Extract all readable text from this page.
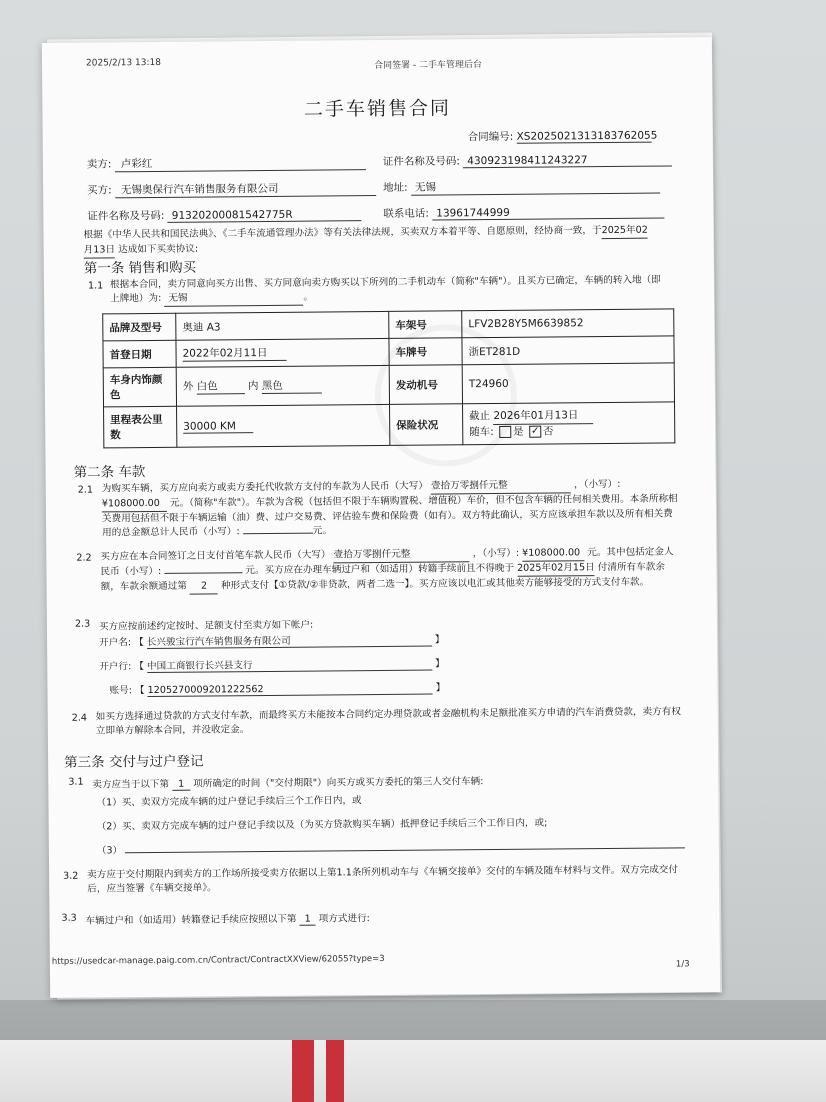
2025/2/13 13:18	合同签署 - 二手车管理后台
二手车销售合同
合同编号: XS2025021313183762055
卖方: 卢彩红	证件名称及号码: 430923198411243227
买方: 无锡奥保行汽车销售服务有限公司	地址: 无锡
证件名称及号码: 91320200081542775R	联系电话: 13961744999
根据《中华人民共和国民法典》、《二手车流通管理办法》等有关法律法规，买卖双方本着平等、自愿原则，经协商一致，于2025年02
月13日 达成如下买卖协议:
第一条 销售和购买
1.1 根据本合同，卖方同意向买方出售、买方同意向卖方购买以下所列的二手机动车（简称"车辆"）。且买方已确定，车辆的转入地（即上牌地）为: 无锡	。
品牌及型号	奥迪 A3	车架号	LFV2B28Y5M6639852
首登日期	2022年02月11日	车牌号	浙ET281D
车身内饰颜色	外 白色 内 黑色	发动机号	T24960
里程表公里数	30000 KM	保险状况	截止 2026年01月13日
随车: 是 ✓ 否
第二条 车款
2.1 为购买车辆，买方应向卖方或卖方委托代收款方支付的车款为人民币（大写） 壹拾万零捌仟元整	，（小写）: ¥108000.00 元。（简称"车款"）。车款为含税（包括但不限于车辆购置税、增值税）车价，但不包含车辆的任何相关费用。本条所称相关费用包括但不限于车辆运输（油）费、过户交易费、评估验车费和保险费（如有）。双方特此确认，买方应该承担车款以及所有相关费用的总金额总计人民币（小写）:	元。
2.2 买方应在本合同签订之日支付首笔车款人民币（大写） 壹拾万零捌仟元整	，（小写）: ¥108000.00 元。其中包括定金人民币（小写）:	元。买方应在办理车辆过户和（如适用）转籍手续前且不得晚于 2025年02月15日 付清所有车款余额，车款余额通过第 2 种形式支付【①贷款/②非贷款，两者二选一】。买方应该以电汇或其他卖方能够接受的方式支付车款。
2.3 买方应按前述约定按时、足额支付至卖方如下帐户:
开户名: 【 长兴骏宝行汽车销售服务有限公司	】
开户行: 【 中国工商银行长兴县支行	】
账号: 【 1205270009201222562	】
2.4 如买方选择通过贷款的方式支付车款，而最终买方未能按本合同约定办理贷款或者金融机构未足额批准买方申请的汽车消费贷款，卖方有权立即单方解除本合同，并没收定金。
第三条 交付与过户登记
3.1 卖方应当于以下第 1 项所确定的时间（"交付期限"）向买方或买方委托的第三人交付车辆:
（1）买、卖双方完成车辆的过户登记手续后三个工作日内，或
（2）买、卖双方完成车辆的过户登记手续以及（为买方贷款购买车辆）抵押登记手续后三个工作日内，或;
（3）
3.2 卖方应于交付期限内到卖方的工作场所接受卖方依据以上第1.1条所列机动车与《车辆交接单》交付的车辆及随车材料与文件。双方完成交付后，应当签署《车辆交接单》。
3.3 车辆过户和（如适用）转籍登记手续应按照以下第 1 项方式进行:
https://usedcar-manage.paig.com.cn/Contract/ContractXXView/62055?type=3	1/3
